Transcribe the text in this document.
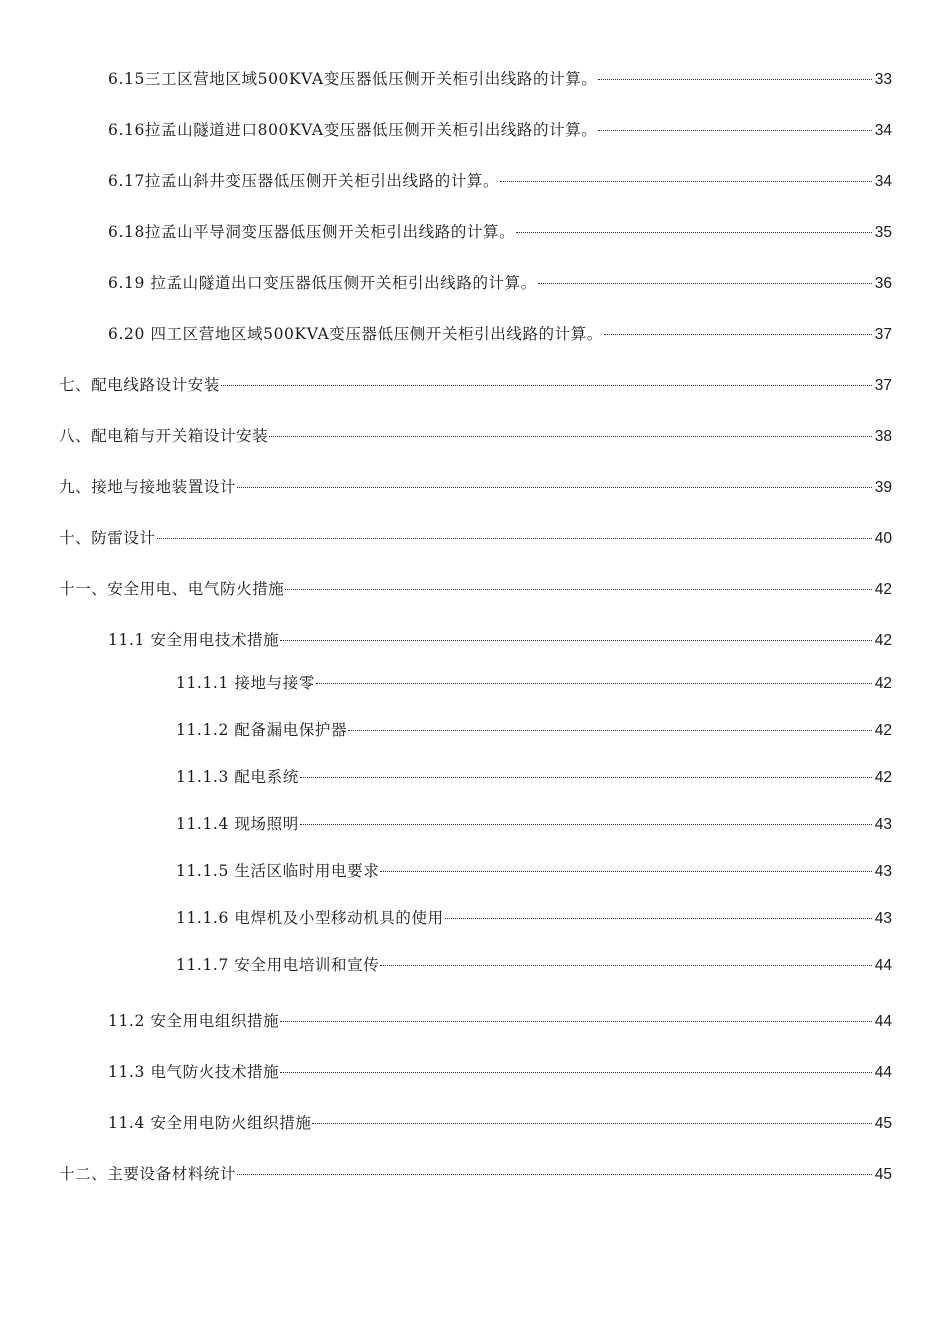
6.15三工区营地区域500KVA变压器低压侧开关柜引出线路的计算。	33
6.16拉孟山隧道进口800KVA变压器低压侧开关柜引出线路的计算。	34
6.17拉孟山斜井变压器低压侧开关柜引出线路的计算。	34
6.18拉孟山平导洞变压器低压侧开关柜引出线路的计算。	35
6.19 拉孟山隧道出口变压器低压侧开关柜引出线路的计算。	36
6.20 四工区营地区域500KVA变压器低压侧开关柜引出线路的计算。	37
七、配电线路设计安装	37
八、配电箱与开关箱设计安装	38
九、接地与接地装置设计	39
十、防雷设计	40
十一、安全用电、电气防火措施	42
11.1 安全用电技术措施	42
11.1.1 接地与接零	42
11.1.2 配备漏电保护器	42
11.1.3 配电系统	42
11.1.4 现场照明	43
11.1.5 生活区临时用电要求	43
11.1.6 电焊机及小型移动机具的使用	43
11.1.7 安全用电培训和宣传	44
11.2 安全用电组织措施	44
11.3 电气防火技术措施	44
11.4 安全用电防火组织措施	45
十二、主要设备材料统计	45
